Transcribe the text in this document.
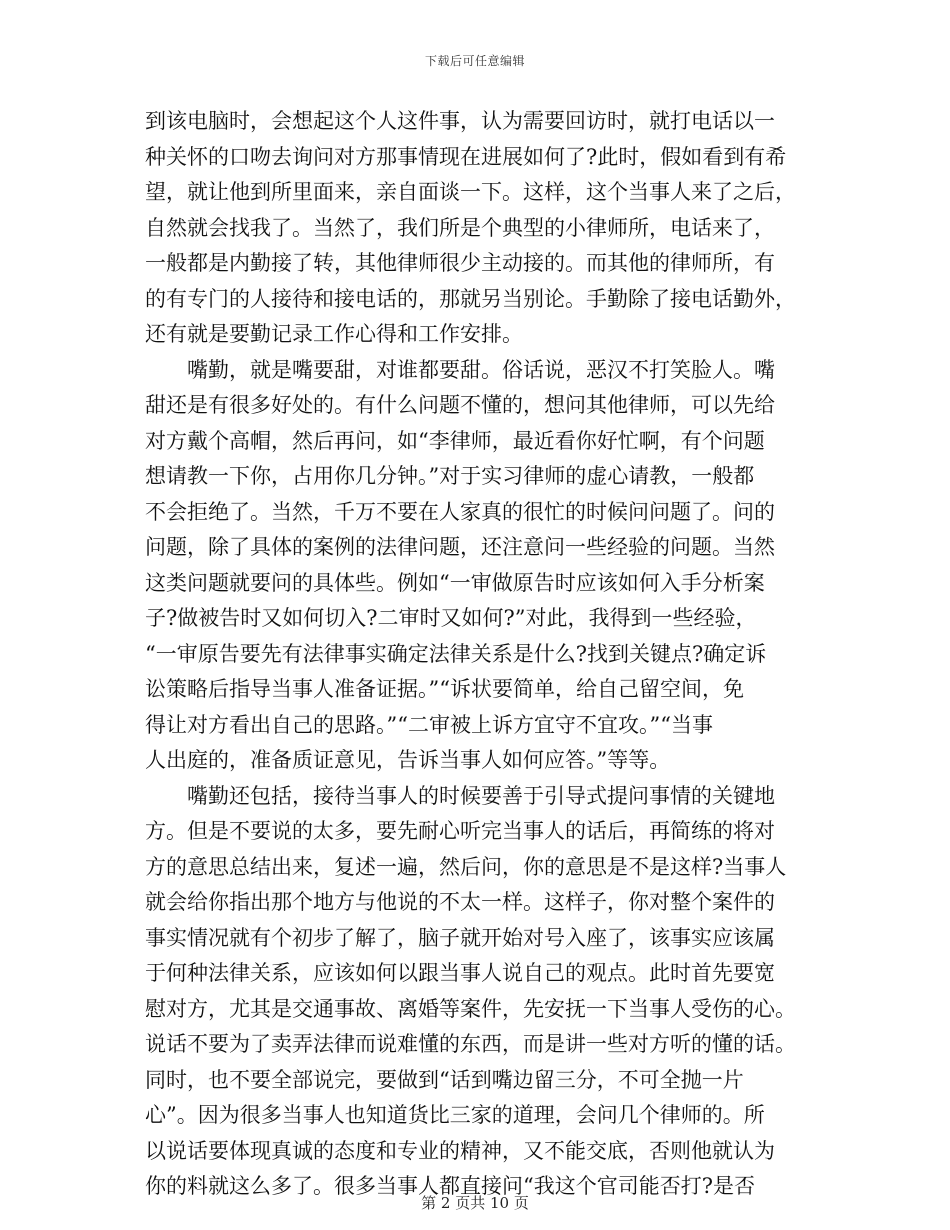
下载后可任意编辑
到该电脑时，会想起这个人这件事，认为需要回访时，就打电话以一
种关怀的口吻去询问对方那事情现在进展如何了?此时，假如看到有希
望，就让他到所里面来，亲自面谈一下。这样，这个当事人来了之后，
自然就会找我了。当然了，我们所是个典型的小律师所，电话来了，
一般都是内勤接了转，其他律师很少主动接的。而其他的律师所，有
的有专门的人接待和接电话的，那就另当别论。手勤除了接电话勤外，
还有就是要勤记录工作心得和工作安排。
　　嘴勤，就是嘴要甜，对谁都要甜。俗话说，恶汉不打笑脸人。嘴
甜还是有很多好处的。有什么问题不懂的，想问其他律师，可以先给
对方戴个高帽，然后再问，如“李律师，最近看你好忙啊，有个问题
想请教一下你，占用你几分钟。”对于实习律师的虚心请教，一般都
不会拒绝了。当然，千万不要在人家真的很忙的时候问问题了。问的
问题，除了具体的案例的法律问题，还注意问一些经验的问题。当然
这类问题就要问的具体些。例如“一审做原告时应该如何入手分析案
子?做被告时又如何切入?二审时又如何?”对此，我得到一些经验，
“一审原告要先有法律事实确定法律关系是什么?找到关键点?确定诉
讼策略后指导当事人准备证据。”“诉状要简单，给自己留空间，免
得让对方看出自己的思路。”“二审被上诉方宜守不宜攻。”“当事
人出庭的，准备质证意见，告诉当事人如何应答。”等等。
　　嘴勤还包括，接待当事人的时候要善于引导式提问事情的关键地
方。但是不要说的太多，要先耐心听完当事人的话后，再简练的将对
方的意思总结出来，复述一遍，然后问，你的意思是不是这样?当事人
就会给你指出那个地方与他说的不太一样。这样子，你对整个案件的
事实情况就有个初步了解了，脑子就开始对号入座了，该事实应该属
于何种法律关系，应该如何以跟当事人说自己的观点。此时首先要宽
慰对方，尤其是交通事故、离婚等案件，先安抚一下当事人受伤的心。
说话不要为了卖弄法律而说难懂的东西，而是讲一些对方听的懂的话。
同时，也不要全部说完，要做到“话到嘴边留三分，不可全抛一片
心”。因为很多当事人也知道货比三家的道理，会问几个律师的。所
以说话要体现真诚的态度和专业的精神，又不能交底，否则他就认为
你的料就这么多了。很多当事人都直接问“我这个官司能否打?是否
第 2 页共 10 页
